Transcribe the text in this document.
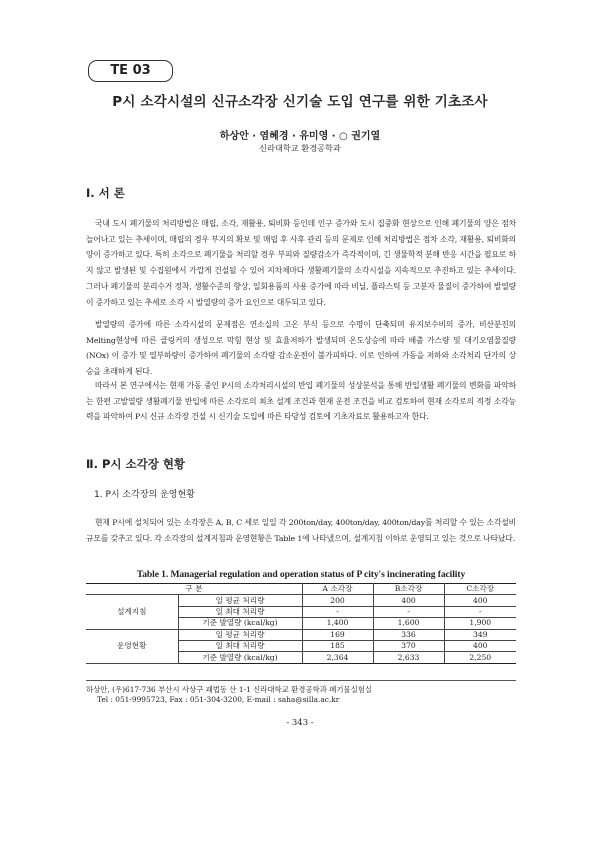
TE 03
P시 소각시설의 신규소각장 신기술 도입 연구를 위한 기초조사
하상안 · 염혜경 · 유미영 · ○ 권기열
신라대학교 환경공학과
Ⅰ. 서 론

국내 도시 폐기물의 처리방법은 매립, 소각, 재활용, 퇴비화 등인데 인구 증가와 도시 집중화 현상으로 인해 폐기물의 양은 점차 늘어나고 있는 추세이며, 매립의 경우 부지의 확보 및 매립 후 사후 관리 등의 문제로 인해 처리방법은 점차 소각, 재활용, 퇴비화의 양이 증가하고 있다. 특히 소각으로 폐기물을 처리할 경우 부피와 질량감소가 즉각적이며, 긴 생물학적 분해 반응 시간을 필요로 하지 않고 발생된 및 수집원에서 가깝게 건설될 수 있어 지차체마다 생활폐기물의 소각시설을 지속적으로 추진하고 있는 추세이다. 그러나 폐기물의 분리수거 정착, 생활수준의 향상, 일회용품의 사용 증가에 따라 비닐, 플라스틱 등 고분자 물질이 증가하여 발열량이 증가하고 있는 추세로 소각 시 발열량의 증가 요인으로 대두되고 있다.

발열량의 증가에 따른 소각시설의 문제점은 연소실의 고온 부식 등으로 수명이 단축되며 유지보수비의 증가, 비산분진의 Melting현상에 따른 클링커의 생성으로 막힘 현상 및 효율저하가 발생되며 온도상승에 따라 배출 가스량 및 대기오염물질량 (NOx) 이 증가 및 열부하량이 증가하여 폐기물의 소각량 감소운전이 불가피하다. 이로 인하여 가동을 저하와 소각처리 단가의 상승을 초래하게 된다.

따라서 본 연구에서는 현재 가동 중인 P시의 소각처리시설의 반입 폐기물의 성상분석을 통해 반입생활 폐기물의 변화를 파악하는 한편 고발열량 생활폐기물 반입에 따른 소각로의 최초 설계 조건과 현재 운전 조건을 비교 검토하여 현재 소각로의 적정 소각능력을 파악하여 P시 신규 소각장 건설 시 신기술 도입에 따른 타당성 검토에 기초자료로 활용하고자 한다.

Ⅱ. P시 소각장 현황
1. P시 소각장의 운영현황

현재 P시에 설치되어 있는 소각장은 A, B, C 세로 일일 각 200ton/day, 400ton/day, 400ton/day를 처리할 수 있는 소각설비 규모를 갖추고 있다. 각 소각장의 설계지침과 운영현황은 Table 1에 나타냈으며, 설계지침 이하로 운영되고 있는 것으로 나타났다.

Table 1. Managerial regulation and operation status of P city's incinerating facility
구 분		A 소각장	B소각장	C소각장
설계지침	일 평균 처리량	200	400	400
	일 최대 처리량	-	-	-
	기준 발열량 (kcal/kg)	1,400	1,600	1,900
운영현황	일 평균 처리량	169	336	349
	일 최대 처리량	185	370	400
	기준 발열량 (kcal/kg)	2,364	2,633	2,250
하상안, (우)617-736 부산시 사상구 괘법동 산 1-1 신라대학교 환경공학과 폐기물실험실
Tel : 051-9995723, Fax : 051-304-3200, E-mail : saha@silla.ac.kr
- 343 -
